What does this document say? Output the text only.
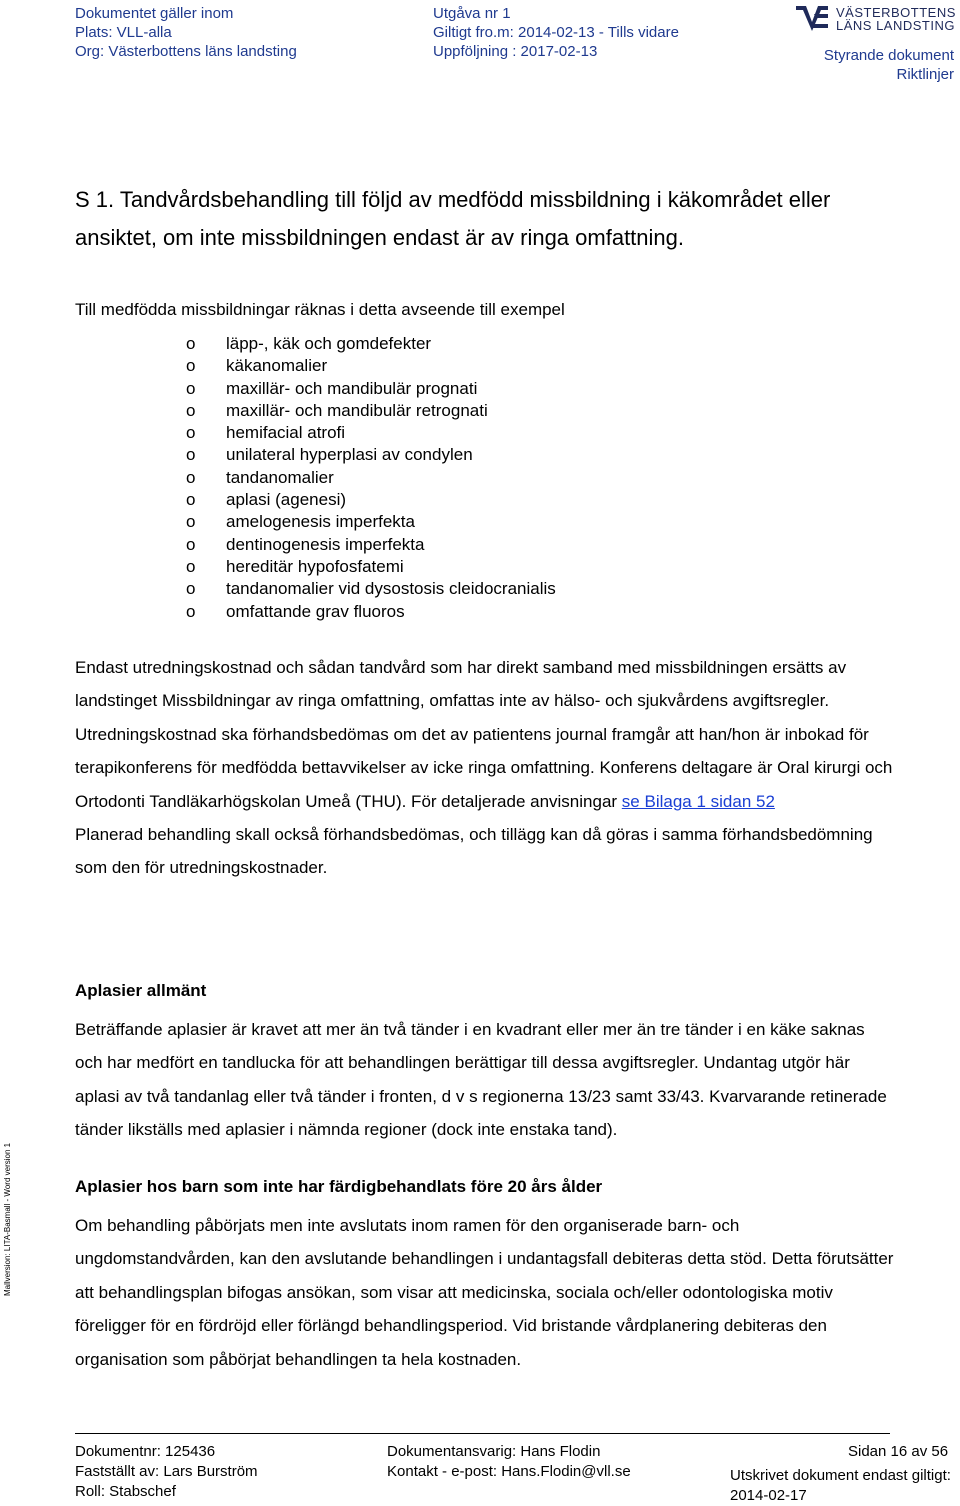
Dokumentet gäller inom
Plats: VLL-alla
Org: Västerbottens läns landsting
Utgåva nr 1
Giltigt fro.m: 2014-02-13 - Tills vidare
Uppföljning : 2017-02-13
VÄSTERBOTTENS
LÄNS LANDSTING
Styrande dokument
Riktlinjer
S 1. Tandvårdsbehandling till följd av medfödd missbildning i käkområdet eller ansiktet, om inte missbildningen endast är av ringa omfattning.
Till medfödda missbildningar räknas i detta avseende till exempel
o läpp-, käk och gomdefekter
o käkanomalier
o maxillär- och mandibulär prognati
o maxillär- och mandibulär retrognati
o hemifacial atrofi
o unilateral hyperplasi av condylen
o tandanomalier
o aplasi (agenesi)
o amelogenesis imperfekta
o dentinogenesis imperfekta
o hereditär hypofosfatemi
o tandanomalier vid dysostosis cleidocranialis
o omfattande grav fluoros

Endast utredningskostnad och sådan tandvård som har direkt samband med missbildningen ersätts av landstinget Missbildningar av ringa omfattning, omfattas inte av hälso- och sjukvårdens avgiftsregler.

Utredningskostnad ska förhandsbedömas om det av patientens journal framgår att han/hon är inbokad för terapikonferens för medfödda bettavvikelser av icke ringa omfattning. Konferens deltagare är Oral kirurgi och Ortodonti Tandläkarhögskolan Umeå (THU). För detaljerade anvisningar se Bilaga 1 sidan 52

Planerad behandling skall också förhandsbedömas, och tillägg kan då göras i samma förhandsbedömning som den för utredningskostnader.

Aplasier allmänt
Beträffande aplasier är kravet att mer än två tänder i en kvadrant eller mer än tre tänder i en käke saknas och har medfört en tandlucka för att behandlingen berättigar till dessa avgiftsregler. Undantag utgör här aplasi av två tandanlag eller två tänder i fronten, d v s regionerna 13/23 samt 33/43. Kvarvarande retinerade tänder likställs med aplasier i nämnda regioner (dock inte enstaka tand).
Aplasier hos barn som inte har färdigbehandlats före 20 års ålder
Om behandling påbörjats men inte avslutats inom ramen för den organiserade barn- och ungdomstandvården, kan den avslutande behandlingen i undantagsfall debiteras detta stöd. Detta förutsätter att behandlingsplan bifogas ansökan, som visar att medicinska, sociala och/eller odontologiska motiv föreligger för en fördröjd eller förlängd behandlingsperiod. Vid bristande vårdplanering debiteras den organisation som påbörjat behandlingen ta hela kostnaden.
Mallversion: LITA-Basmall - Word version 1
Dokumentnr: 125436
Fastställt av: Lars Burström
Roll: Stabschef
Dokumentansvarig: Hans Flodin
Kontakt - e-post: Hans.Flodin@vll.se
Sidan 16 av 56
Utskrivet dokument endast giltigt:
2014-02-17
